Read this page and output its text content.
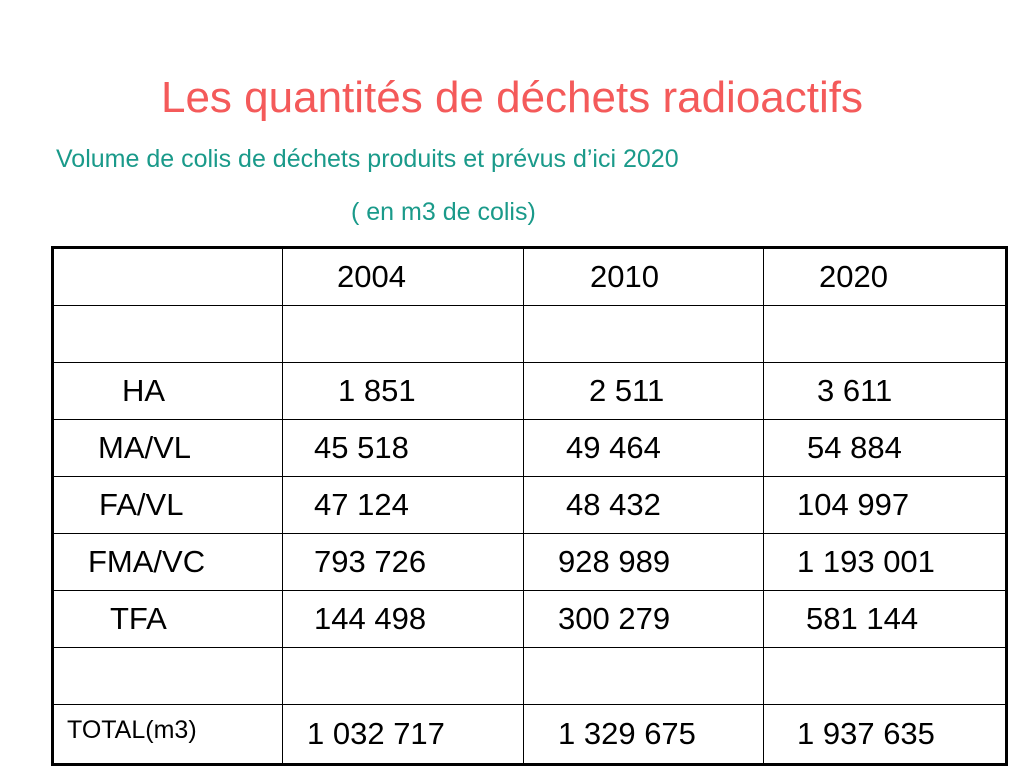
Les quantités de déchets radioactifs

Volume de colis de déchets produits et prévus d’ici 2020

( en m3 de colis)

	2004	2010	2020

HA	1 851	2 511	3 611
MA/VL	45 518	49 464	54 884
FA/VL	47 124	48 432	104 997
FMA/VC	793 726	928 989	1 193 001
TFA	144 498	300 279	581 144

TOTAL(m3)	1 032 717	1 329 675	1 937 635
